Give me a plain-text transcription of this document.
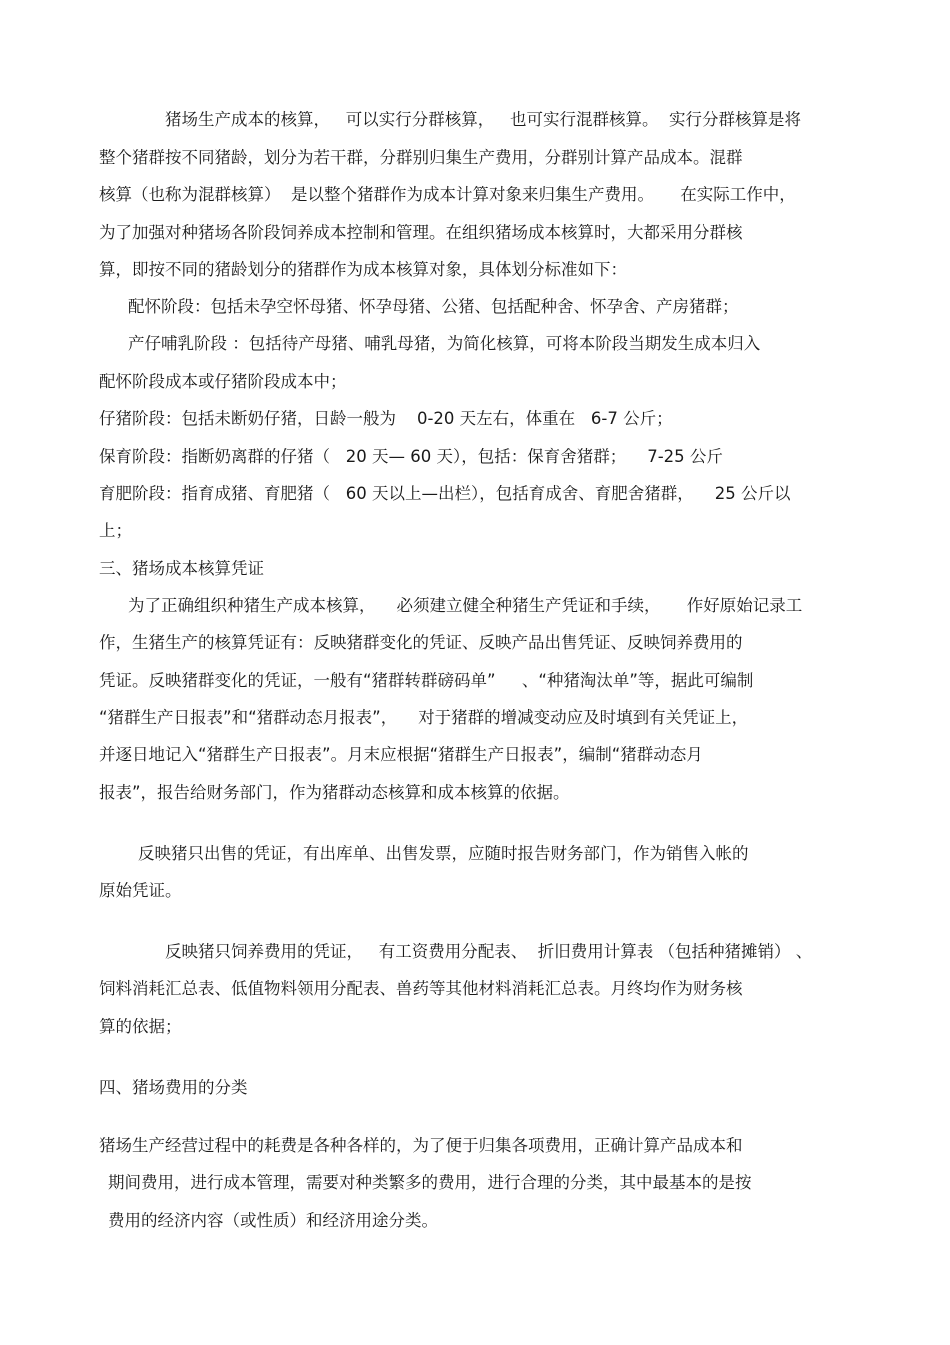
猪场生产成本的核算，   可以实行分群核算，   也可实行混群核算。  实行分群核算是将
整个猪群按不同猪龄，划分为若干群，分群别归集生产费用，分群别计算产品成本。混群
核算（也称为混群核算）  是以整个猪群作为成本计算对象来归集生产费用。     在实际工作中，
为了加强对种猪场各阶段饲养成本控制和管理。在组织猪场成本核算时，大都采用分群核
算，即按不同的猪龄划分的猪群作为成本核算对象，具体划分标准如下：
配怀阶段：包括未孕空怀母猪、怀孕母猪、公猪、包括配种舍、怀孕舍、产房猪群；
产仔哺乳阶段 ：包括待产母猪、哺乳母猪，为简化核算，可将本阶段当期发生成本归入
配怀阶段成本或仔猪阶段成本中；
仔猪阶段：包括未断奶仔猪，日龄一般为    0-20 天左右，体重在   6-7 公斤；
保育阶段：指断奶离群的仔猪（   20 天— 60 天），包括：保育舍猪群；    7-25 公斤
育肥阶段：指育成猪、育肥猪（   60 天以上—出栏），包括育成舍、育肥舍猪群，    25 公斤以
上；
三、猪场成本核算凭证
为了正确组织种猪生产成本核算，    必须建立健全种猪生产凭证和手续，     作好原始记录工
作，生猪生产的核算凭证有：反映猪群变化的凭证、反映产品出售凭证、反映饲养费用的
凭证。反映猪群变化的凭证，一般有“猪群转群磅码单”     、“种猪淘汰单”等，据此可编制
“猪群生产日报表”和“猪群动态月报表”，    对于猪群的增减变动应及时填到有关凭证上，
并逐日地记入“猪群生产日报表”。月末应根据“猪群生产日报表”，编制“猪群动态月
报表”，报告给财务部门，作为猪群动态核算和成本核算的依据。
反映猪只出售的凭证，有出库单、出售发票，应随时报告财务部门，作为销售入帐的
原始凭证。
反映猪只饲养费用的凭证，   有工资费用分配表、  折旧费用计算表 （包括种猪摊销） 、
饲料消耗汇总表、低值物料领用分配表、兽药等其他材料消耗汇总表。月终均作为财务核
算的依据；
四、猪场费用的分类
猪场生产经营过程中的耗费是各种各样的，为了便于归集各项费用，正确计算产品成本和
期间费用，进行成本管理，需要对种类繁多的费用，进行合理的分类，其中最基本的是按
费用的经济内容（或性质）和经济用途分类。
